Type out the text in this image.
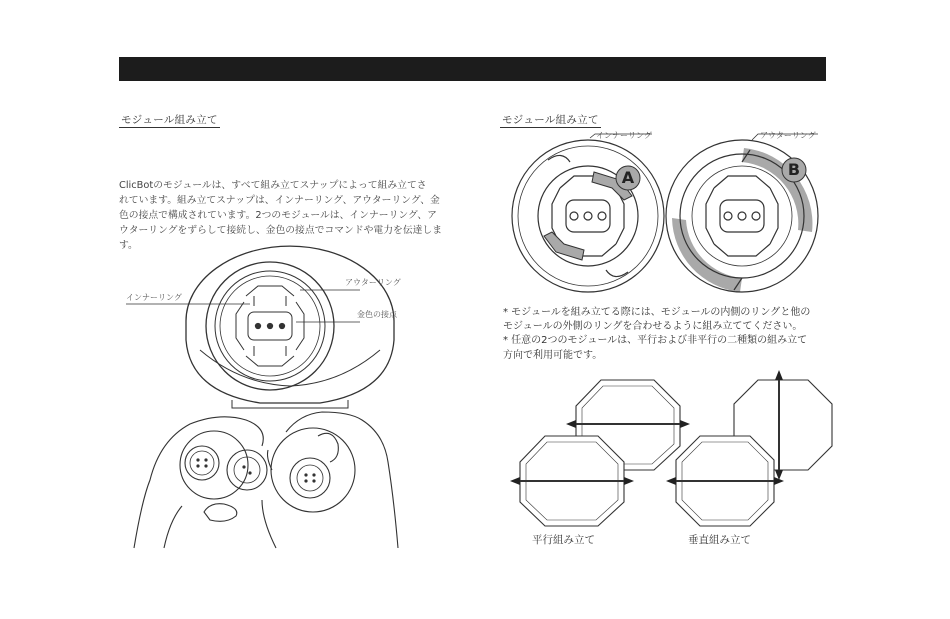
モジュール組み立て

ClicBotのモジュールは、すべて組み立てスナップによって組み立てさ

れています。組み立てスナップは、インナーリング、アウターリング、金

色の接点で構成されています。2つのモジュールは、インナーリング、ア

ウターリングをずらして接続し、金色の接点でコマンドや電力を伝達しま

す。

インナーリング
アウターリング
金色の接点
モジュール組み立て
インナーリング	アウターリング
A	B

* モジュールを組み立てる際には、モジュールの内側のリングと他の

モジュールの外側のリングを合わせるように組み立ててください。

* 任意の2つのモジュールは、平行および非平行の二種類の組み立て

方向で利用可能です。

平行組み立て	垂直組み立て
